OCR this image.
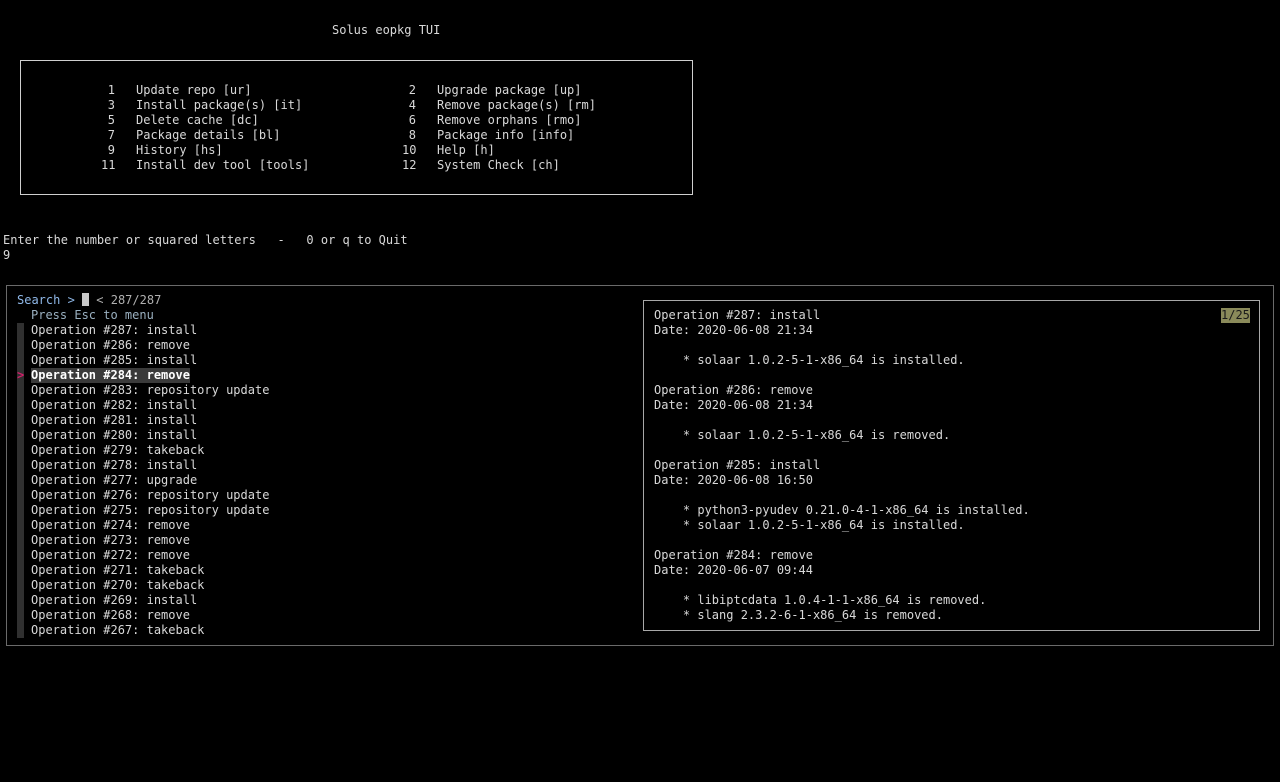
Solus eopkg TUI
1 Update repo [ur]
3 Install package(s) [it]
5 Delete cache [dc]
7 Package details [bl]
9 History [hs]
11 Install dev tool [tools]
2 Upgrade package [up]
4 Remove package(s) [rm]
6 Remove orphans [rmo]
8 Package info [info]
10 Help [h]
12 System Check [ch]
Enter the number or squared letters   -   0 or q to Quit
9
Search > < 287/287
Press Esc to menu
>
Operation #287: install
Operation #286: remove
Operation #285: install
Operation #284: remove
Operation #283: repository update
Operation #282: install
Operation #281: install
Operation #280: install
Operation #279: takeback
Operation #278: install
Operation #277: upgrade
Operation #276: repository update
Operation #275: repository update
Operation #274: remove
Operation #273: remove
Operation #272: remove
Operation #271: takeback
Operation #270: takeback
Operation #269: install
Operation #268: remove
Operation #267: takeback
Operation #287: install
Date: 2020-06-08 21:34
* solaar 1.0.2-5-1-x86_64 is installed.
Operation #286: remove
Date: 2020-06-08 21:34
* solaar 1.0.2-5-1-x86_64 is removed.
Operation #285: install
Date: 2020-06-08 16:50
* python3-pyudev 0.21.0-4-1-x86_64 is installed.
* solaar 1.0.2-5-1-x86_64 is installed.
Operation #284: remove
Date: 2020-06-07 09:44
* libiptcdata 1.0.4-1-1-x86_64 is removed.
* slang 2.3.2-6-1-x86_64 is removed.
1/25
